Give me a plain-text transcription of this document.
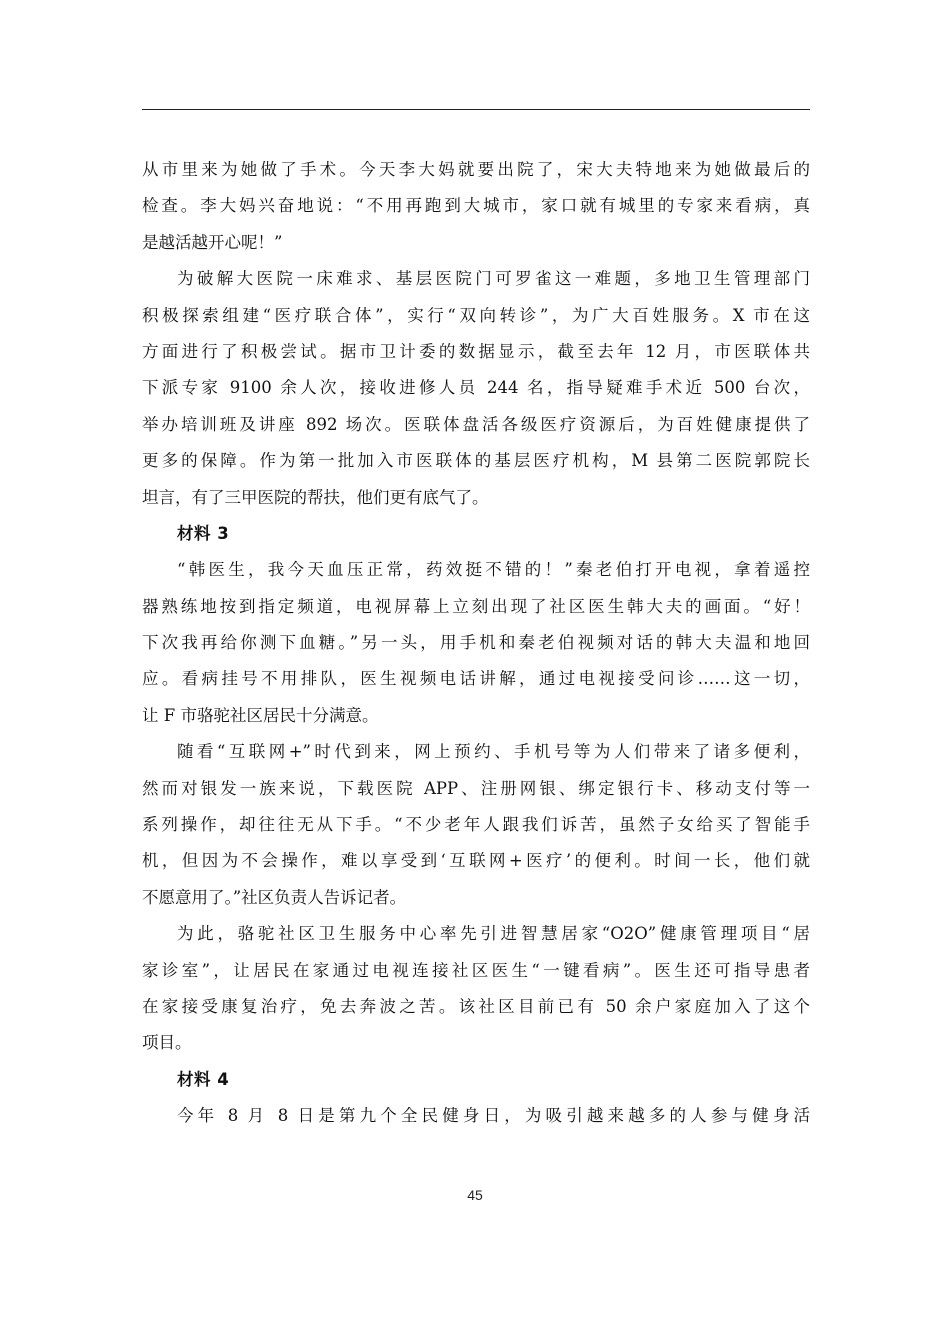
从市里来为她做了手术。今天李大妈就要出院了，宋大夫特地来为她做最后的
检查。李大妈兴奋地说：“不用再跑到大城市，家口就有城里的专家来看病，真
是越活越开心呢！”
为破解大医院一床难求、基层医院门可罗雀这一难题，多地卫生管理部门
积极探索组建“医疗联合体”，实行“双向转诊”，为广大百姓服务。X 市在这
方面进行了积极尝试。据市卫计委的数据显示，截至去年 12 月，市医联体共
下派专家 9100 余人次，接收进修人员 244 名，指导疑难手术近 500 台次，
举办培训班及讲座 892 场次。医联体盘活各级医疗资源后，为百姓健康提供了
更多的保障。作为第一批加入市医联体的基层医疗机构，M 县第二医院郭院长
坦言，有了三甲医院的帮扶，他们更有底气了。
材料 3
“韩医生，我今天血压正常，药效挺不错的！”秦老伯打开电视，拿着遥控
器熟练地按到指定频道，电视屏幕上立刻出现了社区医生韩大夫的画面。“好！
下次我再给你测下血糖。”另一头，用手机和秦老伯视频对话的韩大夫温和地回
应。看病挂号不用排队，医生视频电话讲解，通过电视接受问诊……这一切，
让 F 市骆驼社区居民十分满意。
随看“互联网+”时代到来，网上预约、手机号等为人们带来了诸多便利，
然而对银发一族来说，下载医院 APP、注册网银、绑定银行卡、移动支付等一
系列操作，却往往无从下手。“不少老年人跟我们诉苦，虽然子女给买了智能手
机，但因为不会操作，难以享受到‘互联网+医疗’的便利。时间一长，他们就
不愿意用了。”社区负责人告诉记者。
为此，骆驼社区卫生服务中心率先引进智慧居家“O2O”健康管理项目“居
家诊室”，让居民在家通过电视连接社区医生“一键看病”。医生还可指导患者
在家接受康复治疗，免去奔波之苦。该社区目前已有 50 余户家庭加入了这个
项目。
材料 4
今年 8 月 8 日是第九个全民健身日，为吸引越来越多的人参与健身活
45
